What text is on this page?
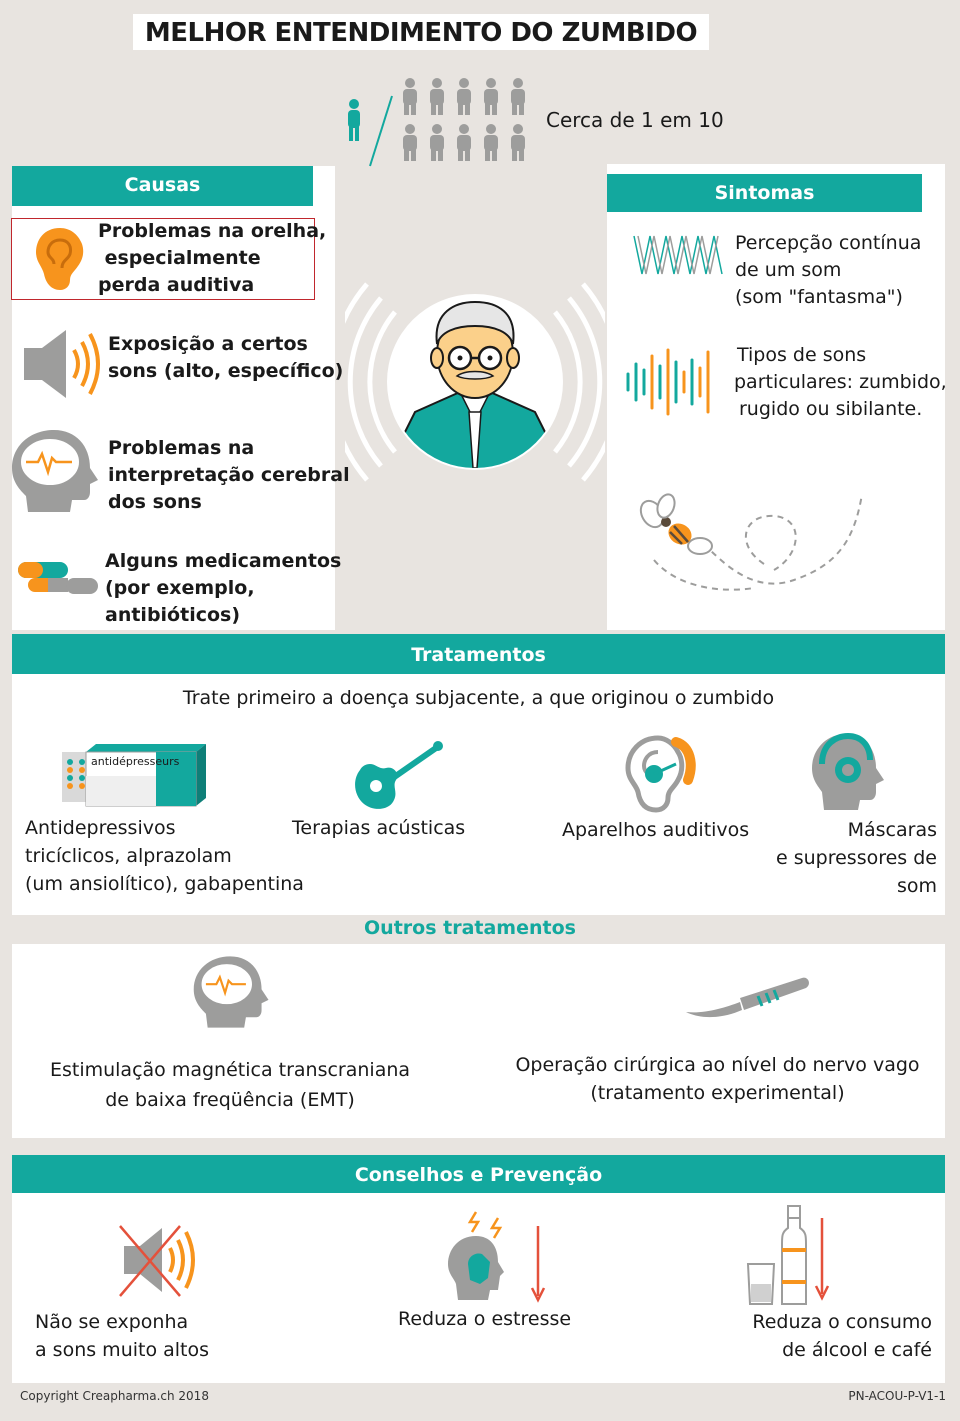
MELHOR ENTENDIMENTO DO ZUMBIDO
Cerca de 1 em 10
Causas
Problemas na orelha,
especialmente
perda auditiva
Exposição a certos
sons (alto, específico)
Problemas na
interpretação cerebral
dos sons
Alguns medicamentos
(por exemplo,
antibióticos)
Sintomas
Percepção contínua
de um som
(som "fantasma")
Tipos de sons
particulares: zumbido,
rugido ou sibilante.
Tratamentos
Trate primeiro a doença subjacente, a que originou o zumbido
antidépresseurs
Antidepressivos
tricíclicos, alprazolam
(um ansiolítico), gabapentina
Terapias acústicas	Aparelhos auditivos	Máscaras
e supressores de som
Outros tratamentos
Estimulação magnética transcraniana
de baixa freqüência (EMT)
Operação cirúrgica ao nível do nervo vago
(tratamento experimental)
Conselhos e Prevenção
Não se exponha
a sons muito altos
Reduza o estresse	Reduza o consumo
de álcool e café
Copyright Creapharma.ch 2018	PN-ACOU-P-V1-1
